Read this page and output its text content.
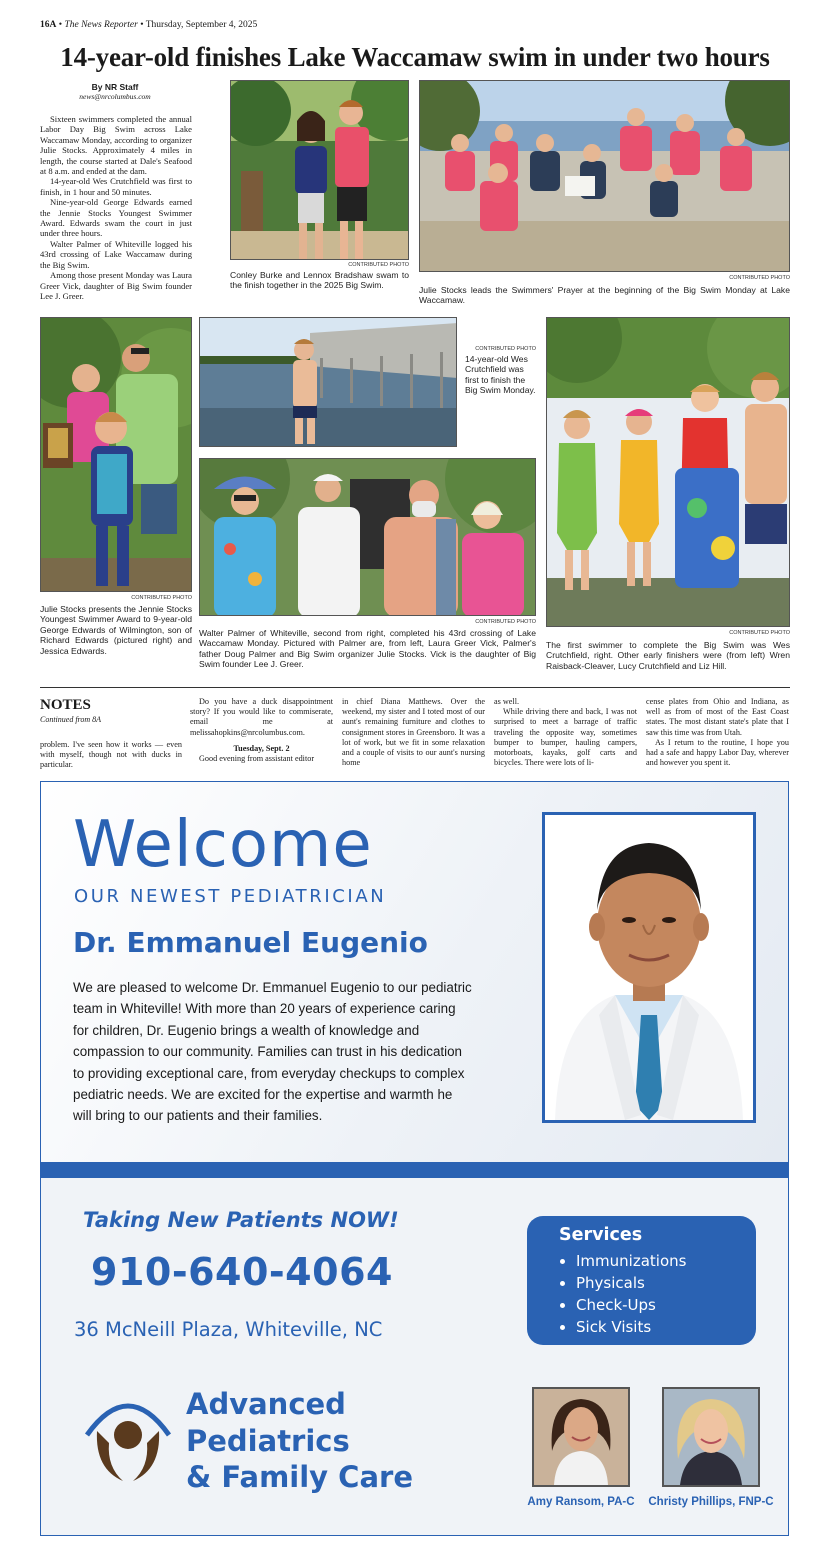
16A • The News Reporter • Thursday, September 4, 2025
14-year-old finishes Lake Waccamaw swim in under two hours
By NR Staff
news@nrcolumbus.com

Sixteen swimmers completed the annual Labor Day Big Swim across Lake Waccamaw Monday, according to organizer Julie Stocks. Approximately 4 miles in length, the course started at Dale's Seafood at 8 a.m. and ended at the dam.

14-year-old Wes Crutchfield was first to finish, in 1 hour and 50 minutes.

Nine-year-old George Edwards earned the Jennie Stocks Youngest Swimmer Award. Edwards swam the court in just under three hours.

Walter Palmer of Whiteville logged his 43rd crossing of Lake Waccamaw during the Big Swim.

Among those present Monday was Laura Greer Vick, daughter of Big Swim founder Lee J. Greer.

CONTRIBUTED PHOTO
Conley Burke and Lennox Bradshaw swam to the finish together in the 2025 Big Swim.
CONTRIBUTED PHOTO
Julie Stocks leads the Swimmers' Prayer at the beginning of the Big Swim Monday at Lake Waccamaw.
CONTRIBUTED PHOTO
Julie Stocks presents the Jennie Stocks Youngest Swimmer Award to 9-year-old George Edwards of Wilmington, son of Richard Edwards (pictured right) and Jessica Edwards.
CONTRIBUTED PHOTO
14-year-old Wes Crutchfield was first to finish the Big Swim Monday.
CONTRIBUTED PHOTO
Walter Palmer of Whiteville, second from right, completed his 43rd crossing of Lake Waccamaw Monday. Pictured with Palmer are, from left, Laura Greer Vick, Palmer's father Doug Palmer and Big Swim organizer Julie Stocks. Vick is the daughter of Big Swim founder Lee J. Greer.
CONTRIBUTED PHOTO
The first swimmer to complete the Big Swim was Wes Crutchfield, right. Other early finishers were (from left) Wren Raisback-Cleaver, Lucy Crutchfield and Liz Hill.
NOTES
Continued from 8A

problem. I've seen how it works — even with myself, though not with ducks in particular.

Do you have a duck disappointment story? If you would like to commiserate, email me at melissahopkins@nrcolumbus.com.

Tuesday, Sept. 2

Good evening from assistant editor

in chief Diana Matthews. Over the weekend, my sister and I toted most of our aunt's remaining furniture and clothes to consignment stores in Greensboro. It was a lot of work, but we fit in some relaxation and a couple of visits to our aunt's nursing home

as well.

While driving there and back, I was not surprised to meet a barrage of traffic traveling the opposite way, sometimes bumper to bumper, hauling campers, motorboats, kayaks, golf carts and bicycles. There were lots of li-

cense plates from Ohio and Indiana, as well as from of most of the East Coast states. The most distant state's plate that I saw this time was from Utah.

As I return to the routine, I hope you had a safe and happy Labor Day, wherever and however you spent it.

Welcome
OUR NEWEST PEDIATRICIAN
Dr. Emmanuel Eugenio
We are pleased to welcome Dr. Emmanuel Eugenio to our pediatric team in Whiteville! With more than 20 years of experience caring for children, Dr. Eugenio brings a wealth of knowledge and compassion to our community. Families can trust in his dedication to providing exceptional care, from everyday checkups to complex pediatric needs. We are excited for the expertise and warmth he will bring to our patients and their families.
Taking New Patients NOW!
910-640-4064
36 McNeill Plaza, Whiteville, NC
Services
Immunizations
Physicals
Check-Ups
Sick Visits
Advanced
Pediatrics
& Family Care
Amy Ransom, PA-C	Christy Phillips, FNP-C
